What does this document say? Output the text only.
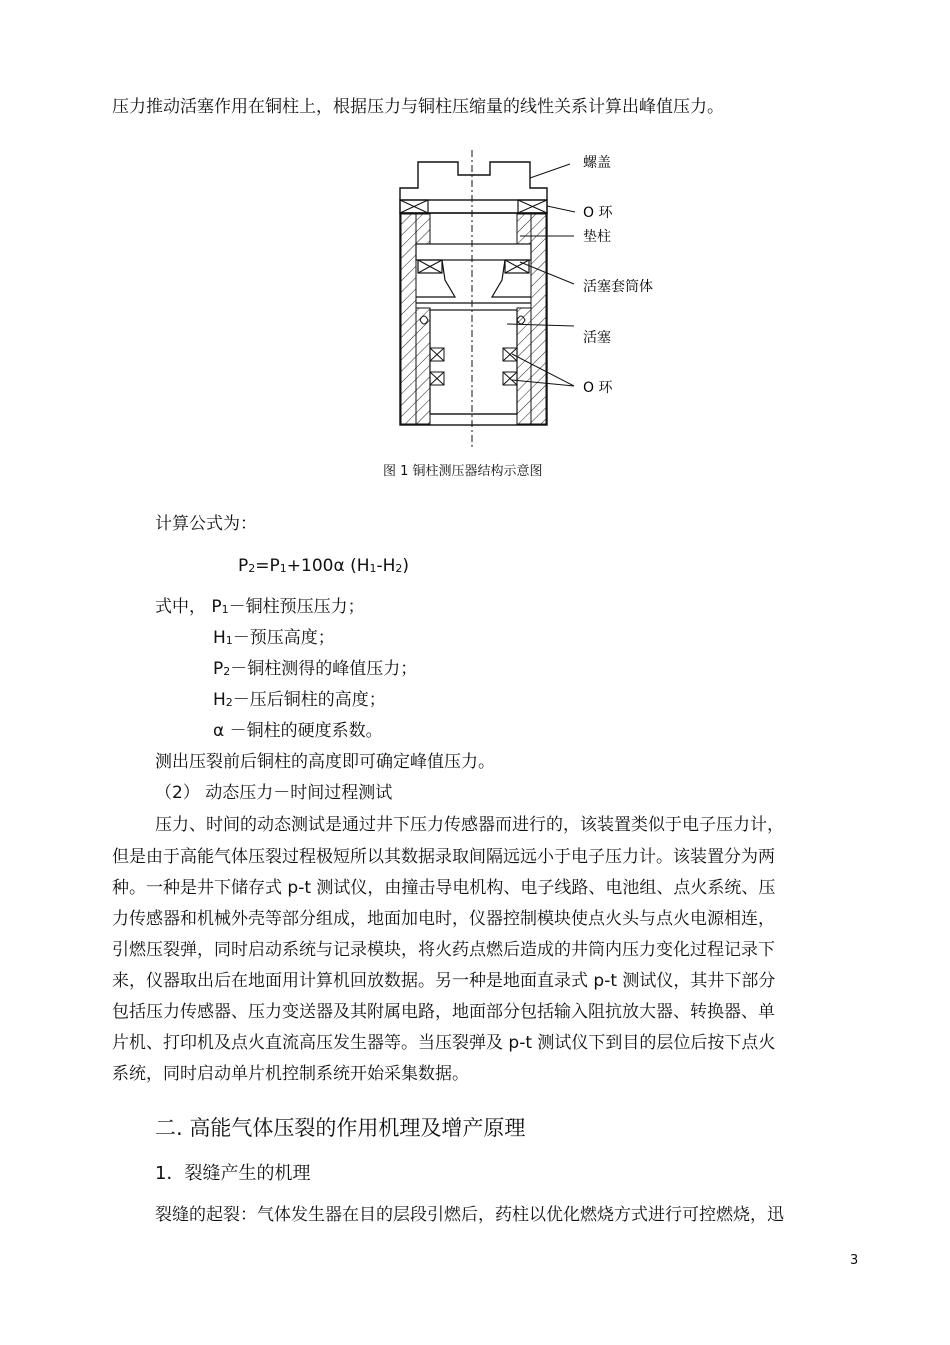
压力推动活塞作用在铜柱上，根据压力与铜柱压缩量的线性关系计算出峰值压力。
螺盖
O 环
垫柱
活塞套筒体
活塞
O 环
图 1 铜柱测压器结构示意图
计算公式为：
$P_2=P_1+100\alpha$ $(H_1-H_2)$
式中， $P_1-$铜柱预压压力；
$H_1-$预压高度；
$P_2-$铜柱测得的峰值压力；
$H_2-$压后铜柱的高度；
α －铜柱的硬度系数。
测出压裂前后铜柱的高度即可确定峰值压力。
（2） 动态压力－时间过程测试
压力、时间的动态测试是通过井下压力传感器而进行的，该装置类似于电子压力计，
但是由于高能气体压裂过程极短所以其数据录取间隔远远小于电子压力计。该装置分为两
种。一种是井下储存式 p-t 测试仪，由撞击导电机构、电子线路、电池组、点火系统、压
力传感器和机械外壳等部分组成，地面加电时，仪器控制模块使点火头与点火电源相连，
引燃压裂弹，同时启动系统与记录模块，将火药点燃后造成的井筒内压力变化过程记录下
来，仪器取出后在地面用计算机回放数据。另一种是地面直录式 p-t 测试仪，其井下部分
包括压力传感器、压力变送器及其附属电路，地面部分包括输入阻抗放大器、转换器、单
片机、打印机及点火直流高压发生器等。当压裂弹及 p-t 测试仪下到目的层位后按下点火
系统，同时启动单片机控制系统开始采集数据。
二. 高能气体压裂的作用机理及增产原理
1．裂缝产生的机理
裂缝的起裂：气体发生器在目的层段引燃后，药柱以优化燃烧方式进行可控燃烧，迅
3
